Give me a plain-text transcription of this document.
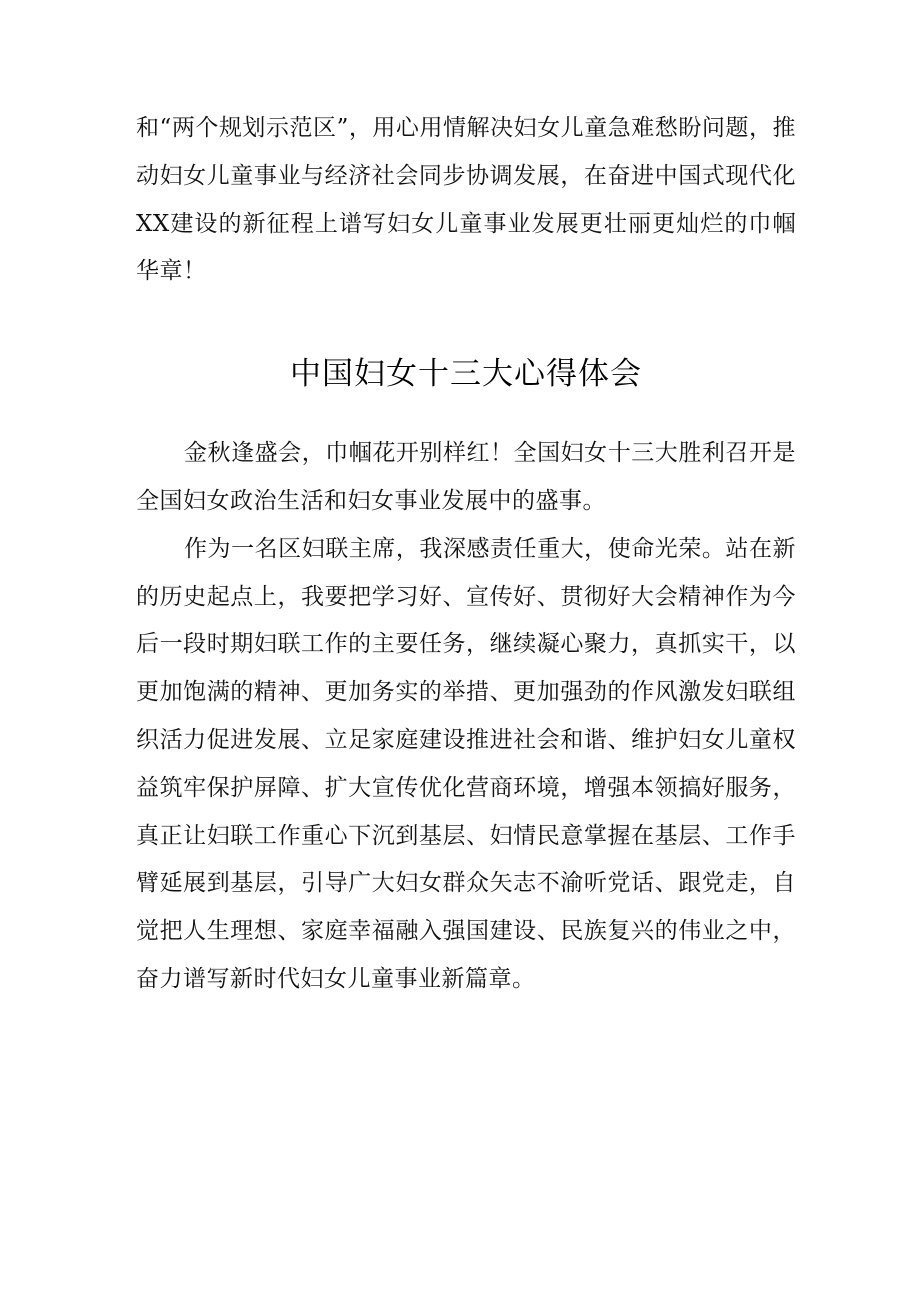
和“两个规划示范区”，用心用情解决妇女儿童急难愁盼问题，推动妇女儿童事业与经济社会同步协调发展，在奋进中国式现代化XX建设的新征程上谱写妇女儿童事业发展更壮丽更灿烂的巾帼华章！

中国妇女十三大心得体会

金秋逢盛会，巾帼花开别样红！全国妇女十三大胜利召开是全国妇女政治生活和妇女事业发展中的盛事。

作为一名区妇联主席，我深感责任重大，使命光荣。站在新的历史起点上，我要把学习好、宣传好、贯彻好大会精神作为今后一段时期妇联工作的主要任务，继续凝心聚力，真抓实干，以更加饱满的精神、更加务实的举措、更加强劲的作风激发妇联组织活力促进发展、立足家庭建设推进社会和谐、维护妇女儿童权益筑牢保护屏障、扩大宣传优化营商环境，增强本领搞好服务，真正让妇联工作重心下沉到基层、妇情民意掌握在基层、工作手臂延展到基层，引导广大妇女群众矢志不渝听党话、跟党走，自觉把人生理想、家庭幸福融入强国建设、民族复兴的伟业之中，奋力谱写新时代妇女儿童事业新篇章。
